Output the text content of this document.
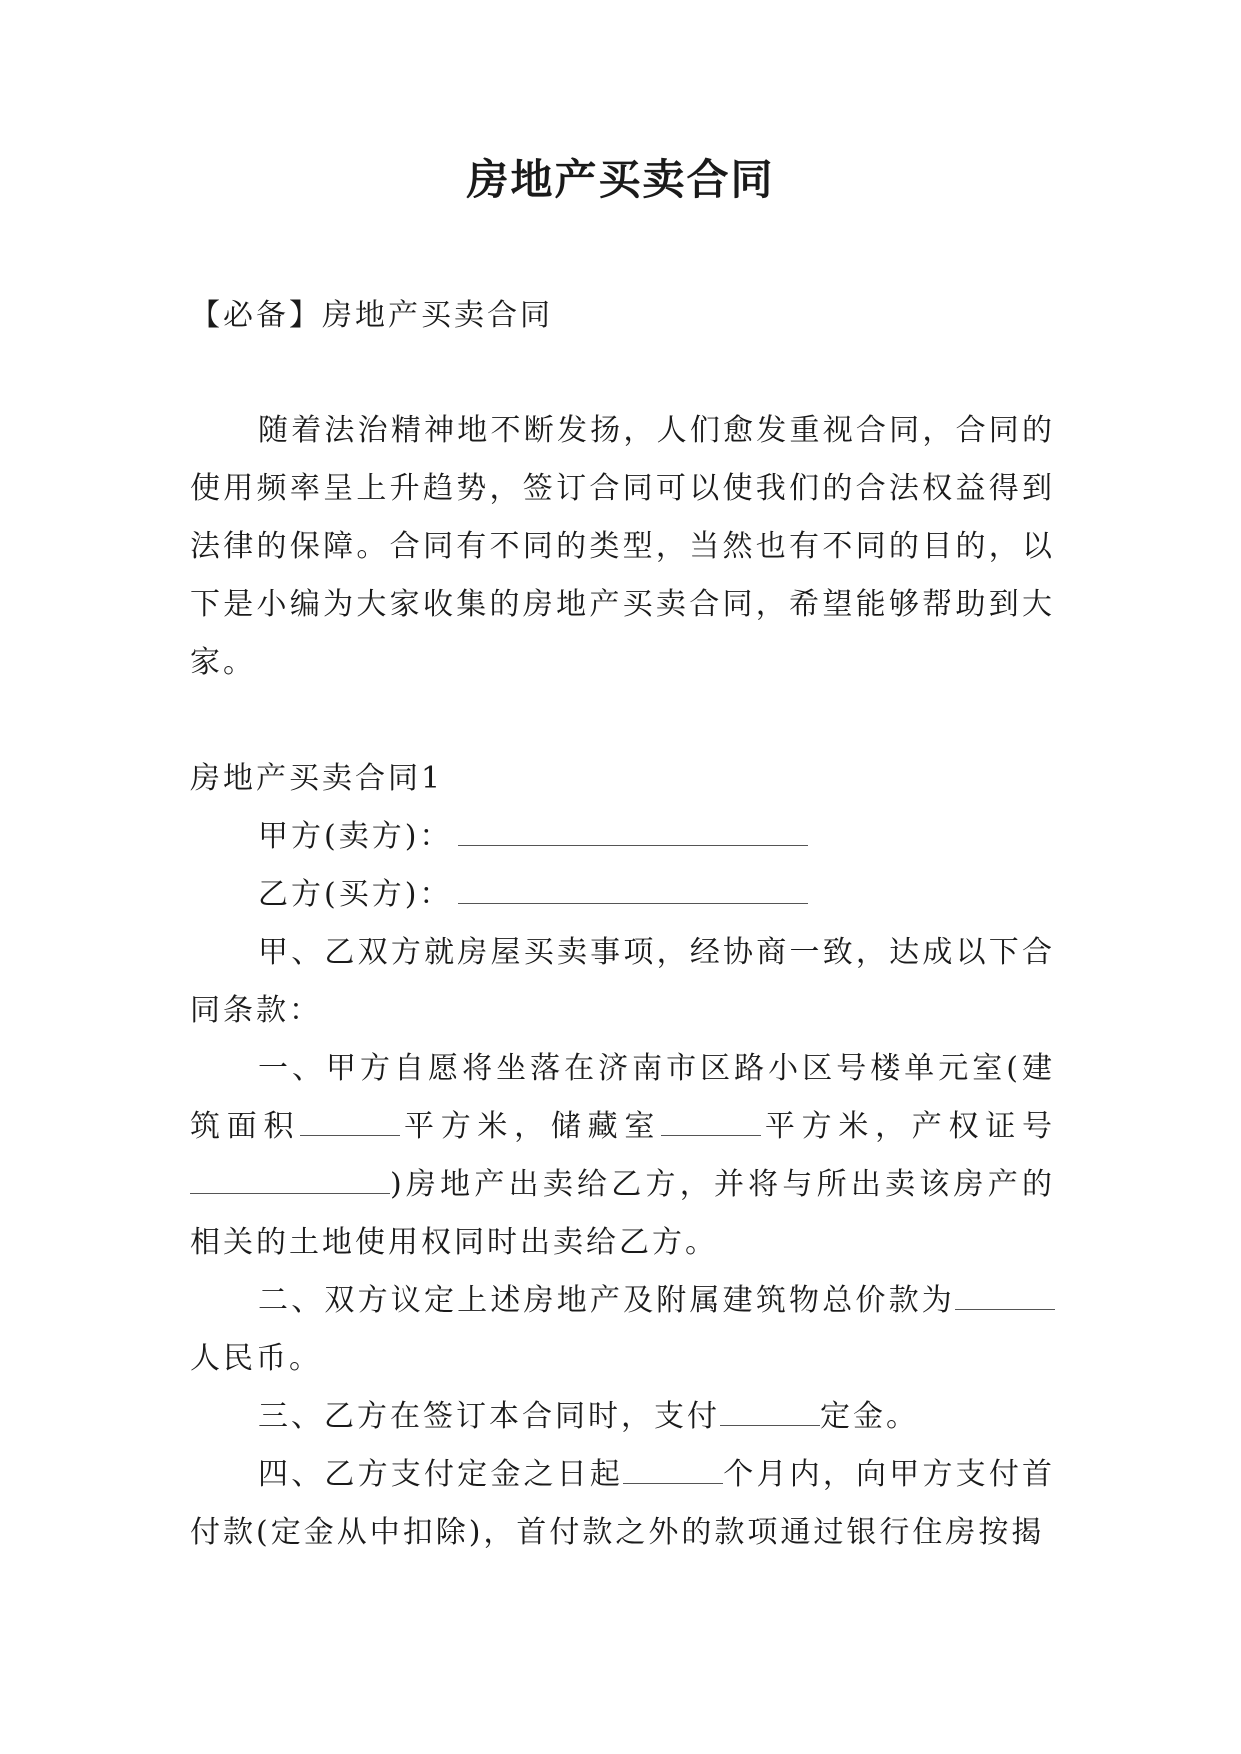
房地产买卖合同

【必备】房地产买卖合同

随着法治精神地不断发扬，人们愈发重视合同，合同的使用频率呈上升趋势，签订合同可以使我们的合法权益得到法律的保障。合同有不同的类型，当然也有不同的目的，以下是小编为大家收集的房地产买卖合同，希望能够帮助到大家。

房地产买卖合同1

甲方(卖方)：

乙方(买方)：

甲、乙双方就房屋买卖事项，经协商一致，达成以下合同条款：

一、甲方自愿将坐落在济南市区路小区号楼单元室(建筑面积	平方米，储藏室	平方米，产权证号)房地产出卖给乙方，并将与所出卖该房产的相关的土地使用权同时出卖给乙方。

二、双方议定上述房地产及附属建筑物总价款为人民币。

三、乙方在签订本合同时，支付	定金。

四、乙方支付定金之日起	个月内，向甲方支付首付款(定金从中扣除)，首付款之外的款项通过银行住房按揭
